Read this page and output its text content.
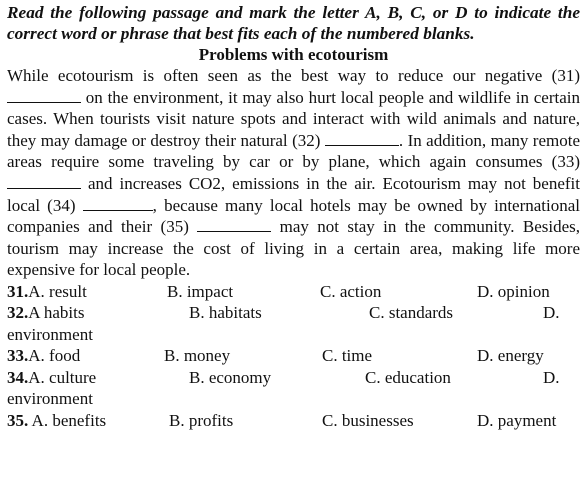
Read the following passage and mark the letter A, B, C, or D to indicate the correct word or phrase that best fits each of the numbered blanks.

Problems with ecotourism

While ecotourism is often seen as the best way to reduce our negative (31)  on the environment, it may also hurt local people and wildlife in certain cases. When tourists visit nature spots and interact with wild animals and nature, they may damage or destroy their natural (32)	. In addition, many remote areas require some traveling by car or by plane, which again consumes (33)  and increases CO2, emissions in the air. Ecotourism may not benefit local (34)	, because many local hotels may be owned by international companies and their (35)	may not stay in the community. Besides, tourism may increase the cost of living in a certain area, making life more expensive for local people.

31.A. result	B. impact	C. action	D. opinion
32.A habits	B. habitats	C. standards	D.
environment
33.A. food	B. money	C. time	D. energy
34.A. culture	B. economy	C. education	D.
environment
35. A. benefits	B. profits	C. businesses	D. payment
